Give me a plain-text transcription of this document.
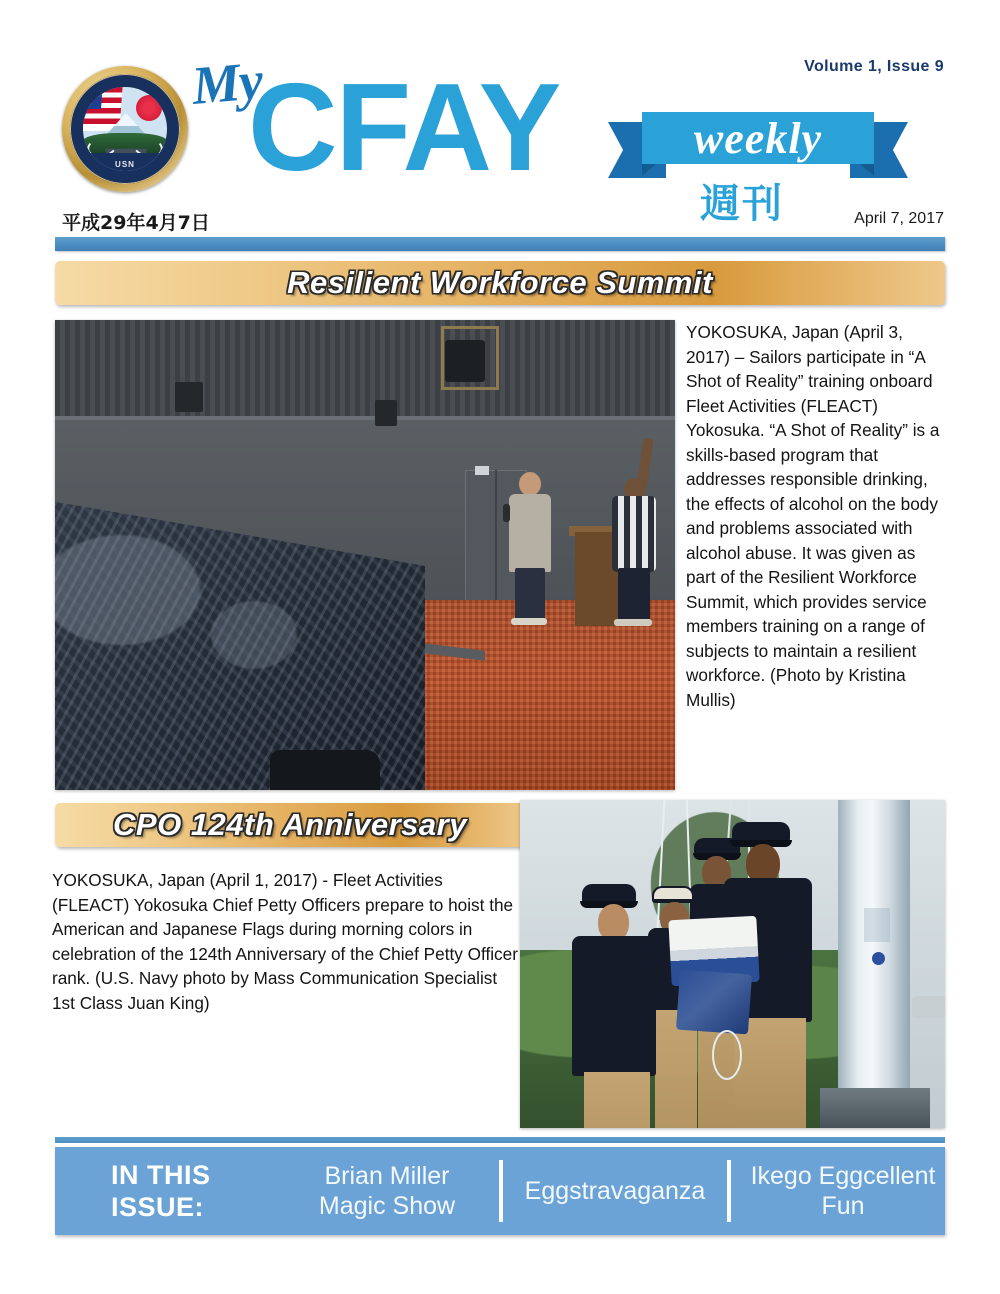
USN
My
CFAY	weekly
週刊
Volume 1, Issue 9
平成29年4月7日	April 7, 2017
Resilient Workforce Summit
YOKOSUKA, Japan (April 3, 2017) – Sailors participate in “A Shot of Reality” training onboard Fleet Activities (FLEACT) Yokosuka. “A Shot of Reality” is a skills-based program that addresses responsible drinking, the effects of alcohol on the body and problems associated with alcohol abuse. It was given as part of the Resilient Workforce Summit, which provides service members training on a range of subjects to maintain a resilient workforce. (Photo by Kristina Mullis)
CPO 124th Anniversary
YOKOSUKA, Japan (April 1, 2017) - Fleet Activities (FLEACT) Yokosuka Chief Petty Officers prepare to hoist the American and Japanese Flags during morning colors in celebration of the 124th Anniversary of the Chief Petty Officer rank. (U.S. Navy photo by Mass Communication Specialist 1st Class Juan King)
IN THIS ISSUE:
Brian Miller Magic Show
Eggstravaganza
Ikego Eggcellent Fun
